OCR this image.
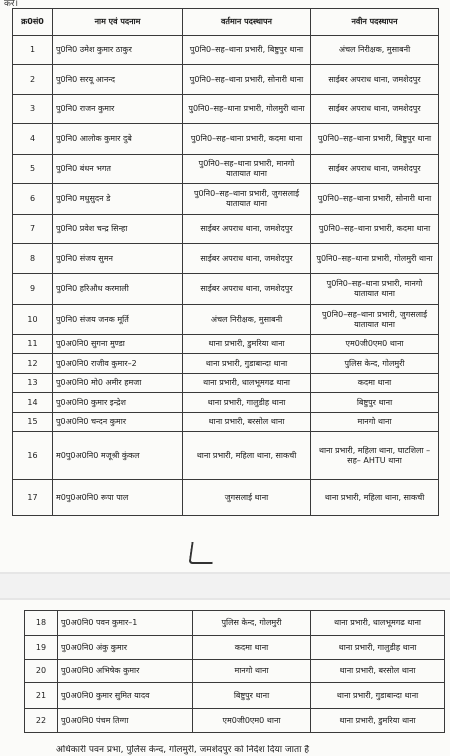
करें।
क्र0सं0	नाम एवं पदनाम	वर्तमान पदस्थापन	नवीन पदस्थापन
1	पु0नि0 उमेश कुमार ठाकुर	पु0नि0–सह–थाना प्रभारी, बिष्टुपुर थाना	अंचल निरीक्षक, मुसाबनी
2	पु0नि0 सरयू आनन्द	पु0नि0–सह–थाना प्रभारी, सोनारी थाना	साईबर अपराध थाना, जमशेदपुर
3	पु0नि0 राजन कुमार	पु0नि0–सह–थाना प्रभारी, गोलमुरी थाना	साईबर अपराध थाना, जमशेदपुर
4	पु0नि0 आलोक कुमार दुबे	पु0नि0–सह–थाना प्रभारी, कदमा थाना	पु0नि0–सह–थाना प्रभारी, बिष्टुपुर थाना
5	पु0नि0 बंधन भगत	पु0नि0–सह–थाना प्रभारी, मानगो यातायात थाना	साईबर अपराध थाना, जमशेदपुर
6	पु0नि0 मधुसुदन डे	पु0नि0–सह–थाना प्रभारी, जुगसलाई यातायात थाना	पु0नि0–सह–थाना प्रभारी, सोनारी थाना
7	पु0नि0 प्रवेश चन्द्र सिन्हा	साईबर अपराध थाना, जमशेदपुर	पु0नि0–सह–थाना प्रभारी, कदमा थाना
8	पु0नि0 संजय सुमन	साईबर अपराध थाना, जमशेदपुर	पु0नि0–सह–थाना प्रभारी, गोलमुरी थाना
9	पु0नि0 हरिऔध करमाली	साईबर अपराध थाना, जमशेदपुर	पु0नि0–सह–थाना प्रभारी, मानगो यातायात थाना
10	पु0नि0 संजय जनक मूर्ति	अंचल निरीक्षक, मुसाबनी	पु0नि0–सह–थाना प्रभारी, जुगसलाई यातायात थाना
11	पु0अ0नि0 सुगना मुण्डा	थाना प्रभारी, डुमरिया थाना	एम0जी0एम0 थाना
12	पु0अ0नि0 राजीव कुमार–2	थाना प्रभारी, गुडाबान्दा थाना	पुलिस केन्द, गोलमुरी
13	पु0अ0नि0 मो0 अमीर हमजा	थाना प्रभारी, धालभूमगढ थाना	कदमा थाना
14	पु0अ0नि0 कुमार इन्द्रेश	थाना प्रभारी, गालुडीह थाना	बिष्टुपुर थाना
15	पु0अ0नि0 चन्दन कुमार	थाना प्रभारी, बरसोल थाना	मानगो थाना
16	म0पु0अ0नि0 मजूश्री कुंकल	थाना प्रभारी, महिला थाना, साकची	थाना प्रभारी, महिला थाना, घाटशिला –सह– AHTU थाना
17	म0पु0अ0नि0 रूपा पाल	जुगसलाई थाना	थाना प्रभारी, महिला थाना, साकची
18	पु0अ0नि0 पवन कुमार–1	पुलिस केन्द, गोलमुरी	थाना प्रभारी, धालभूमगढ थाना
19	पु0अ0नि0 अंकु कुमार	कदमा थाना	थाना प्रभारी, गालुडीह थाना
20	पु0अ0नि0 अभिषेक कुमार	मानगो थाना	थाना प्रभारी, बरसोल थाना
21	पु0अ0नि0 कुमार सुमित यादव	बिष्टुपुर थाना	थाना प्रभारी, गुडाबान्दा थाना
22	पु0अ0नि0 पंचम तिग्गा	एम0जी0एम0 थाना	थाना प्रभारी, डुमरिया थाना
अधिकारी पवन प्रभा, पुलिस केन्द, गोलमुरी, जमशेदपुर को निर्देश दिया जाता है
